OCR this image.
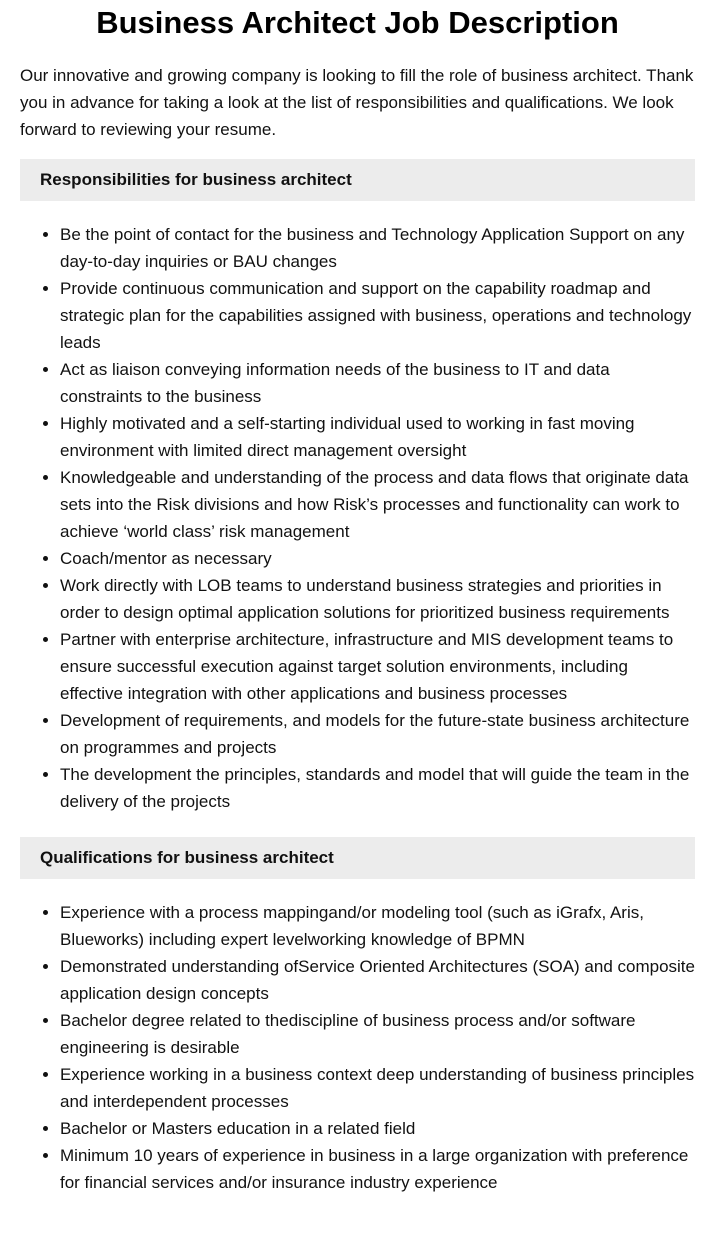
Business Architect Job Description

Our innovative and growing company is looking to fill the role of business architect. Thank you in advance for taking a look at the list of responsibilities and qualifications. We look forward to reviewing your resume.

Responsibilities for business architect
• Be the point of contact for the business and Technology Application Support on any day-to-day inquiries or BAU changes
• Provide continuous communication and support on the capability roadmap and strategic plan for the capabilities assigned with business, operations and technology leads
• Act as liaison conveying information needs of the business to IT and data constraints to the business
• Highly motivated and a self-starting individual used to working in fast moving environment with limited direct management oversight
• Knowledgeable and understanding of the process and data flows that originate data sets into the Risk divisions and how Risk’s processes and functionality can work to achieve ‘world class’ risk management
• Coach/mentor as necessary
• Work directly with LOB teams to understand business strategies and priorities in order to design optimal application solutions for prioritized business requirements
• Partner with enterprise architecture, infrastructure and MIS development teams to ensure successful execution against target solution environments, including effective integration with other applications and business processes
• Development of requirements, and models for the future-state business architecture on programmes and projects
• The development the principles, standards and model that will guide the team in the delivery of the projects
Qualifications for business architect
• Experience with a process mappingand/or modeling tool (such as iGrafx, Aris, Blueworks) including expert levelworking knowledge of BPMN
• Demonstrated understanding ofService Oriented Architectures (SOA) and composite application design concepts
• Bachelor degree related to thediscipline of business process and/or software engineering is desirable
• Experience working in a business context deep understanding of business principles and interdependent processes
• Bachelor or Masters education in a related field
• Minimum 10 years of experience in business in a large organization with preference for financial services and/or insurance industry experience
